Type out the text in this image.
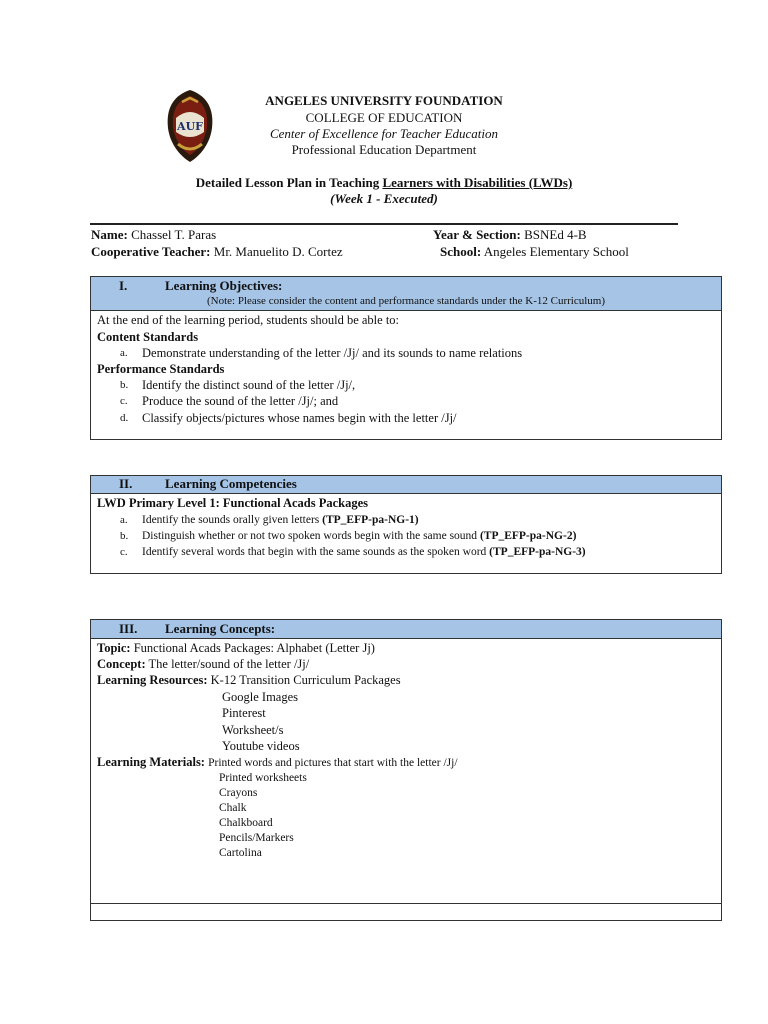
AUF
ANGELES UNIVERSITY FOUNDATION
COLLEGE OF EDUCATION
Center of Excellence for Teacher Education
Professional Education Department
Detailed Lesson Plan in Teaching Learners with Disabilities (LWDs)
(Week 1 - Executed)
Name: Chassel T. Paras	Year & Section: BSNEd 4-B
Cooperative Teacher: Mr. Manuelito D. Cortez	School: Angeles Elementary School
I.	Learning Objectives:
(Note: Please consider the content and performance standards under the K-12 Curriculum)
At the end of the learning period, students should be able to:
Content Standards
a.	Demonstrate understanding of the letter /Jj/ and its sounds to name relations
Performance Standards
b.	Identify the distinct sound of the letter /Jj/,
c.	Produce the sound of the letter /Jj/; and
d.	Classify objects/pictures whose names begin with the letter /Jj/
II.	Learning Competencies
LWD Primary Level 1: Functional Acads Packages
a.	Identify the sounds orally given letters (TP_EFP-pa-NG-1)
b.	Distinguish whether or not two spoken words begin with the same sound (TP_EFP-pa-NG-2)
c.	Identify several words that begin with the same sounds as the spoken word (TP_EFP-pa-NG-3)
III. Learning Concepts:
Topic: Functional Acads Packages: Alphabet (Letter Jj)
Concept: The letter/sound of the letter /Jj/
Learning Resources: K-12 Transition Curriculum Packages
Google Images
Pinterest
Worksheet/s
Youtube videos
Learning Materials: Printed words and pictures that start with the letter /Jj/
Printed worksheets
Crayons
Chalk
Chalkboard
Pencils/Markers
Cartolina
